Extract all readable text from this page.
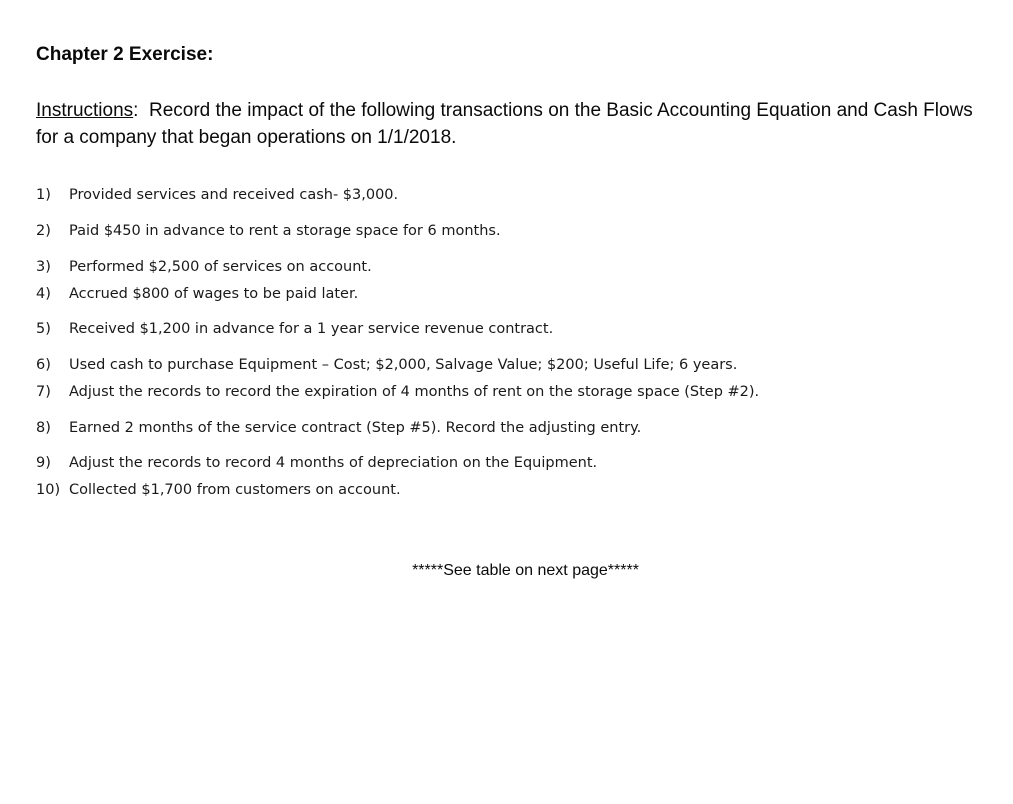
Chapter 2 Exercise:
Instructions: Record the impact of the following transactions on the Basic Accounting Equation and Cash Flows for a company that began operations on 1/1/2018.
1)	Provided services and received cash- $3,000.
2)	Paid $450 in advance to rent a storage space for 6 months.
3)	Performed $2,500 of services on account.
4)	Accrued $800 of wages to be paid later.
5)	Received $1,200 in advance for a 1 year service revenue contract.
6)	Used cash to purchase Equipment – Cost; $2,000, Salvage Value; $200; Useful Life; 6 years.
7)	Adjust the records to record the expiration of 4 months of rent on the storage space (Step #2).
8)	Earned 2 months of the service contract (Step #5). Record the adjusting entry.
9)	Adjust the records to record 4 months of depreciation on the Equipment.
10) Collected $1,700 from customers on account.
*****See table on next page*****
